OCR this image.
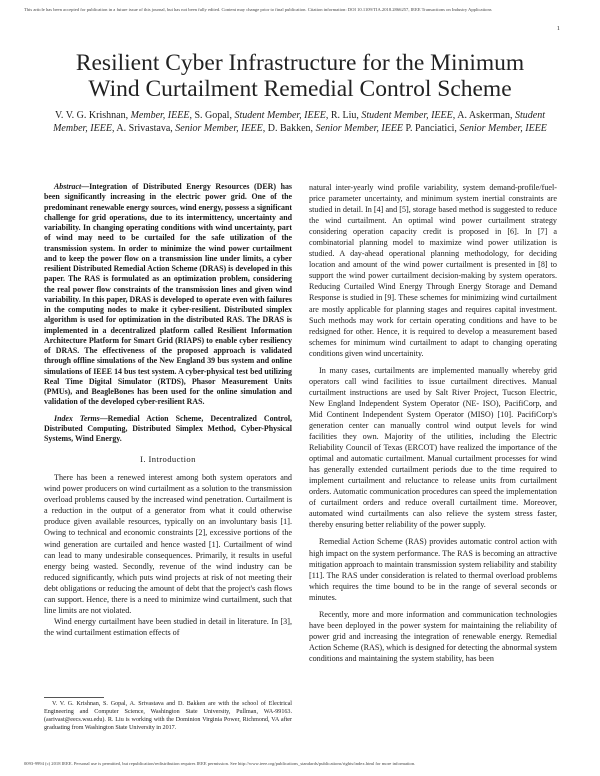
This article has been accepted for publication in a future issue of this journal, but has not been fully edited. Content may change prior to final publication. Citation information: DOI 10.1109/TIA.2018.2866257, IEEE Transactions on Industry Applications
1
Resilient Cyber Infrastructure for the Minimum
Wind Curtailment Remedial Control Scheme
V. V. G. Krishnan, Member, IEEE, S. Gopal, Student Member, IEEE, R. Liu, Student Member, IEEE, A. Askerman, Student Member, IEEE, A. Srivastava, Senior Member, IEEE, D. Bakken, Senior Member, IEEE P. Panciatici, Senior Member, IEEE

Abstract—Integration of Distributed Energy Resources (DER) has been significantly increasing in the electric power grid. One of the predominant renewable energy sources, wind energy, possess a significant challenge for grid operations, due to its intermittency, uncertainty and variability. In changing operating conditions with wind uncertainty, part of wind may need to be curtailed for the safe utilization of the transmission system. In order to minimize the wind power curtailment and to keep the power flow on a transmission line under limits, a cyber resilient Distributed Remedial Action Scheme (DRAS) is developed in this paper. The RAS is formulated as an optimization problem, considering the real power flow constraints of the transmission lines and given wind variability. In this paper, DRAS is developed to operate even with failures in the computing nodes to make it cyber-resilient. Distributed simplex algorithm is used for optimization in the distributed RAS. The DRAS is implemented in a decentralized platform called Resilient Information Architecture Platform for Smart Grid (RIAPS) to enable cyber resiliency of DRAS. The effectiveness of the proposed approach is validated through offline simulations of the New England 39 bus system and online simulations of IEEE 14 bus test system. A cyber-physical test bed utilizing Real Time Digital Simulator (RTDS), Phasor Measurement Units (PMUs), and BeagleBones has been used for the online simulation and validation of the developed cyber-resilient RAS.

Index Terms—Remedial Action Scheme, Decentralized Control, Distributed Computing, Distributed Simplex Method, Cyber-Physical Systems, Wind Energy.

I. Introduction

There has been a renewed interest among both system operators and wind power producers on wind curtailment as a solution to the transmission overload problems caused by the increased wind penetration. Curtailment is a reduction in the output of a generator from what it could otherwise produce given available resources, typically on an involuntary basis [1]. Owing to technical and economic constraints [2], excessive portions of the wind generation are curtailed and hence wasted [1]. Curtailment of wind can lead to many undesirable consequences. Primarily, it results in useful energy being wasted. Secondly, revenue of the wind industry can be reduced significantly, which puts wind projects at risk of not meeting their debt obligations or reducing the amount of debt that the project's cash flows can support. Hence, there is a need to minimize wind curtailment, such that line limits are not violated.

Wind energy curtailment have been studied in detail in literature. In [3], the wind curtailment estimation effects of

V. V. G. Krishnan, S. Gopal, A. Srivastava and D. Bakken are with the school of Electrical Engineering and Computer Science, Washington State University, Pullman, WA-99163. (asrivast@eecs.wsu.edu). R. Liu is working with the Dominion Virginia Power, Richmond, VA after graduating from Washington State University in 2017.

natural inter-yearly wind profile variability, system demand-profile/fuel-price parameter uncertainty, and minimum system inertial constraints are studied in detail. In [4] and [5], storage based method is suggested to reduce the wind curtailment. An optimal wind power curtailment strategy considering operation capacity credit is proposed in [6]. In [7] a combinatorial planning model to maximize wind power utilization is studied. A day-ahead operational planning methodology, for deciding location and amount of the wind power curtailment is presented in [8] to support the wind power curtailment decision-making by system operators. Reducing Curtailed Wind Energy Through Energy Storage and Demand Response is studied in [9]. These schemes for minimizing wind curtailment are mostly applicable for planning stages and requires capital investment. Such methods may work for certain operating conditions and have to be redsigned for other. Hence, it is required to develop a measurement based schemes for minimum wind curtailment to adapt to changing operating conditions given wind uncertainity.

In many cases, curtailments are implemented manually whereby grid operators call wind facilities to issue curtailment directives. Manual curtailment instructions are used by Salt River Project, Tucson Electric, New England Independent System Operator (NE- ISO), PacifiCorp, and Mid Continent Independent System Operator (MISO) [10]. PacifiCorp's generation center can manually control wind output levels for wind facilities they own. Majority of the utilities, including the Electric Reliability Council of Texas (ERCOT) have realized the importance of the optimal and automatic curtailment. Manual curtailment processes for wind has generally extended curtailment periods due to the time required to implement curtailment and reluctance to release units from curtailment orders. Automatic communication procedures can speed the implementation of curtailment orders and reduce overall curtailment time. Moreover, automated wind curtailments can also relieve the system stress faster, thereby ensuring better reliability of the power supply.

Remedial Action Scheme (RAS) provides automatic control action with high impact on the system performance. The RAS is becoming an attractive mitigation approach to maintain transmission system reliability and stability [11]. The RAS under consideration is related to thermal overload problems which requires the time bound to be in the range of several seconds or minutes.

Recently, more and more information and communication technologies have been deployed in the power system for maintaining the reliability of power grid and increasing the integration of renewable energy. Remedial Action Scheme (RAS), which is designed for detecting the abnormal system conditions and maintaining the system stability, has been

0093-9994 (c) 2018 IEEE. Personal use is permitted, but republication/redistribution requires IEEE permission. See http://www.ieee.org/publications_standards/publications/rights/index.html for more information.
